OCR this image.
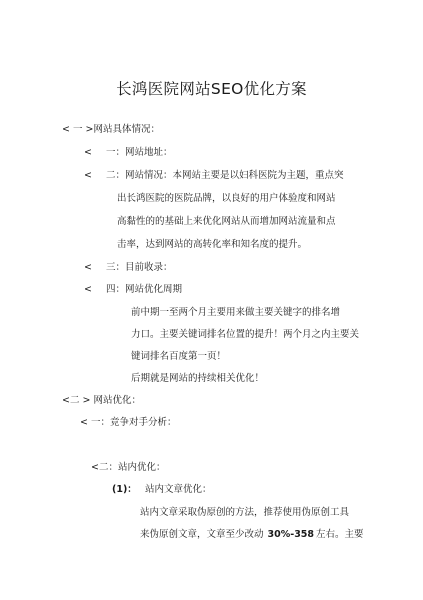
长鸿医院网站SEO优化方案
< 一 >网站具体情况：
< 一：网站地址：
< 二：网站情况：本网站主要是以妇科医院为主题，重点突
出长鸿医院的医院品牌，以良好的用户体验度和网站
高黏性的的基础上来优化网站从而增加网站流量和点
击率，达到网站的高转化率和知名度的提升。
< 三：目前收录：
< 四：网站优化周期
前中期一至两个月主要用来做主要关键字的排名增
力口。主要关键词排名位置的提升！两个月之内主要关
键词排名百度第一页！
后期就是网站的持续相关优化！
<二 > 网站优化：
< 一：竞争对手分析：
<二：站内优化：
(1)： 站内文章优化：
站内文章采取伪原创的方法，推荐使用伪原创工具
来伪原创文章，文章至少改动 30%-358 左右。主要
